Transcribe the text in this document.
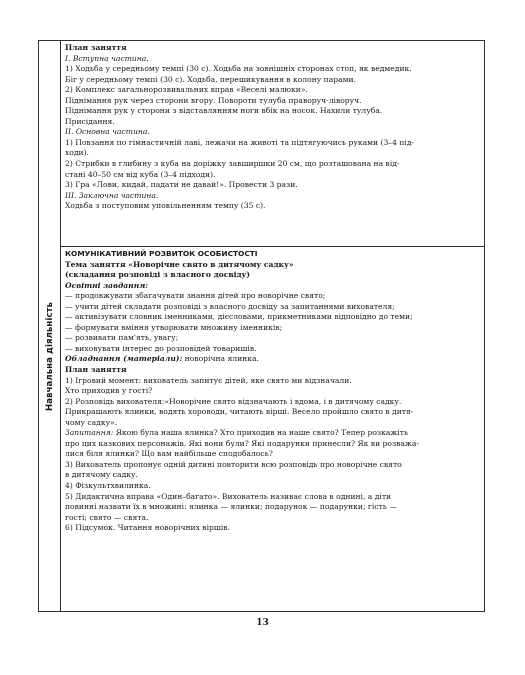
Навчальна діяльність
План заняття
І. Вступна частина.
1) Ходьба у середньому темпі (30 с). Ходьба на зовнішніх сторонах стоп, як ведмедик.
Біг у середньому темпі (30 с). Ходьба, перешикування в колону парами.
2) Комплекс загальнорозвивальних вправ «Веселі малюки».
Піднімання рук через сторони вгору. Повороти тулуба праворуч-ліворуч.
Піднімання рук у сторони з відставлянням ноги вбік на носок. Нахили тулуба.
Присідання.
ІІ. Основна частина.
1) Повзання по гімнастичній лаві, лежачи на животі та підтягуючись руками (3–4 під-
ходи).
2) Стрибки в глибину з куба на доріжку завширшки 20 см, що розташована на від-
стані 40–50 см від куба (3–4 підходи).
3) Гра «Лови, кидай, падати не давай!». Провести 3 рази.
ІІІ. Заключна частина.
Ходьба з поступовим уповільненням темпу (35 с).
КОМУНІКАТИВНИЙ РОЗВИТОК ОСОБИСТОСТІ
Тема заняття «Новорічне свято в дитячому садку»
(складання розповіді з власного досвіду)
Освітні завдання:
— продовжувати збагачувати знання дітей про новорічне свято;
— учити дітей складати розповіді з власного досвіду за запитаннями вихователя;
— активізувати словник іменниками, дієсловами, прикметниками відповідно до теми;
— формувати вміння утворювати множину іменників;
— розвивати пам'ять, увагу;
— виховувати інтерес до розповідей товаришів.
Обладнання (матеріали): новорічна ялинка.
План заняття
1) Ігровий момент: вихователь запитує дітей, яке свято ми відзначали.
Хто приходив у гості?
2) Розповідь вихователя:«Новорічне свято відзначають і вдома, і в дитячому садку.
Прикрашають ялинки, водять хороводи, читають вірші. Весело пройшло свято в дитя-
чому садку».
Запитання: Якою була наша ялинка? Хто приходив на наше свято? Тепер розкажіть
про цих казкових персонажів. Які вони були? Які подарунки принесли? Як ви розважа-
лися біля ялинки? Що вам найбільше сподобалось?
3) Вихователь пропонує одній дитині повторити всю розповідь про новорічне свято
в дитячому садку.
4) Фізкультхвилинка.
5) Дидактична вправа «Один–багато». Вихователь називає слова в однині, а діти
повинні назвати їх в множині: ялинка — ялинки; подарунок — подарунки; гість —
гості; свято — свята.
6) Підсумок. Читання новорічних віршів.
13
